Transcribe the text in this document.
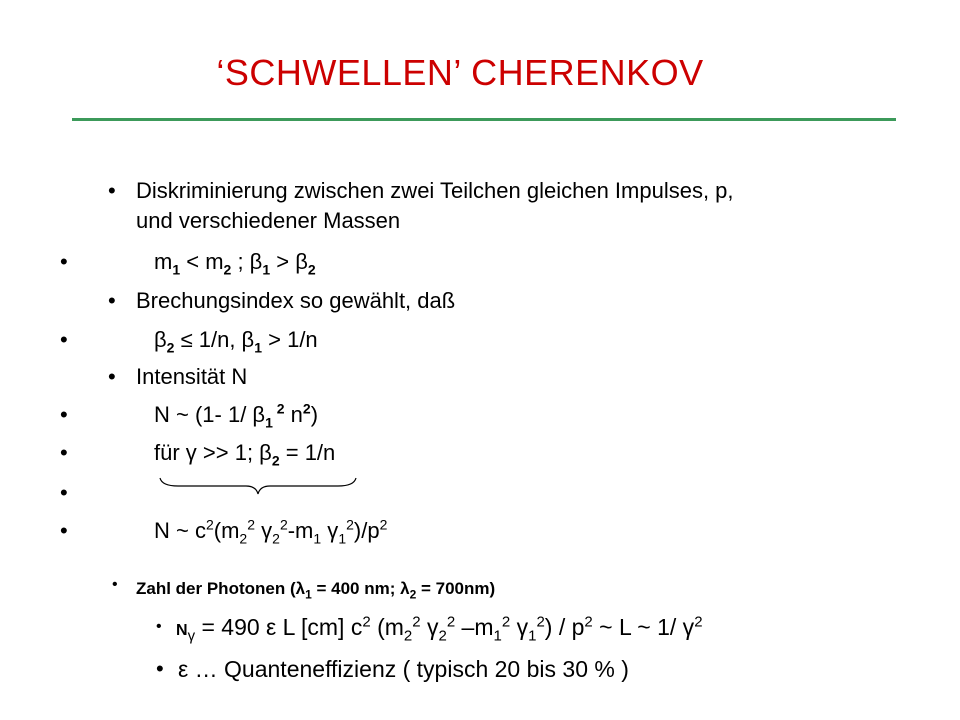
‘SCHWELLEN’ CHERENKOV
• Diskriminierung zwischen zwei Teilchen gleichen Impulses, p,
und verschiedener Massen
•	$m_1 < m_2$ ; $\beta_1 > \beta_2$
• Brechungsindex so gewählt, daß
•	$\beta_2 \le 1/n$, $\beta_1 > 1/n$
• Intensität N
•	N ~ (1- 1/ $\beta_1$ $^2$ $n^2$)
•	für γ >> 1; $\beta_2 = 1/n$
•
•	N ~ $c^2(m_2^2$ $\gamma_2^2-m_1$ $\gamma_1^2)/p^2$
• Zahl der Photonen ($\lambda_1 = 400$ nm; $\lambda_2 = 700nm$)
• $N_\gamma = 490$ ε L [cm] $c^2$ ($m_2^2$ $\gamma_2^2$ $-m_1^2$ $\gamma_1^2) / p^2$ ~ L ~ 1/ $\gamma^2$
• ε … Quanteneffizienz ( typisch 20 bis 30 % )
